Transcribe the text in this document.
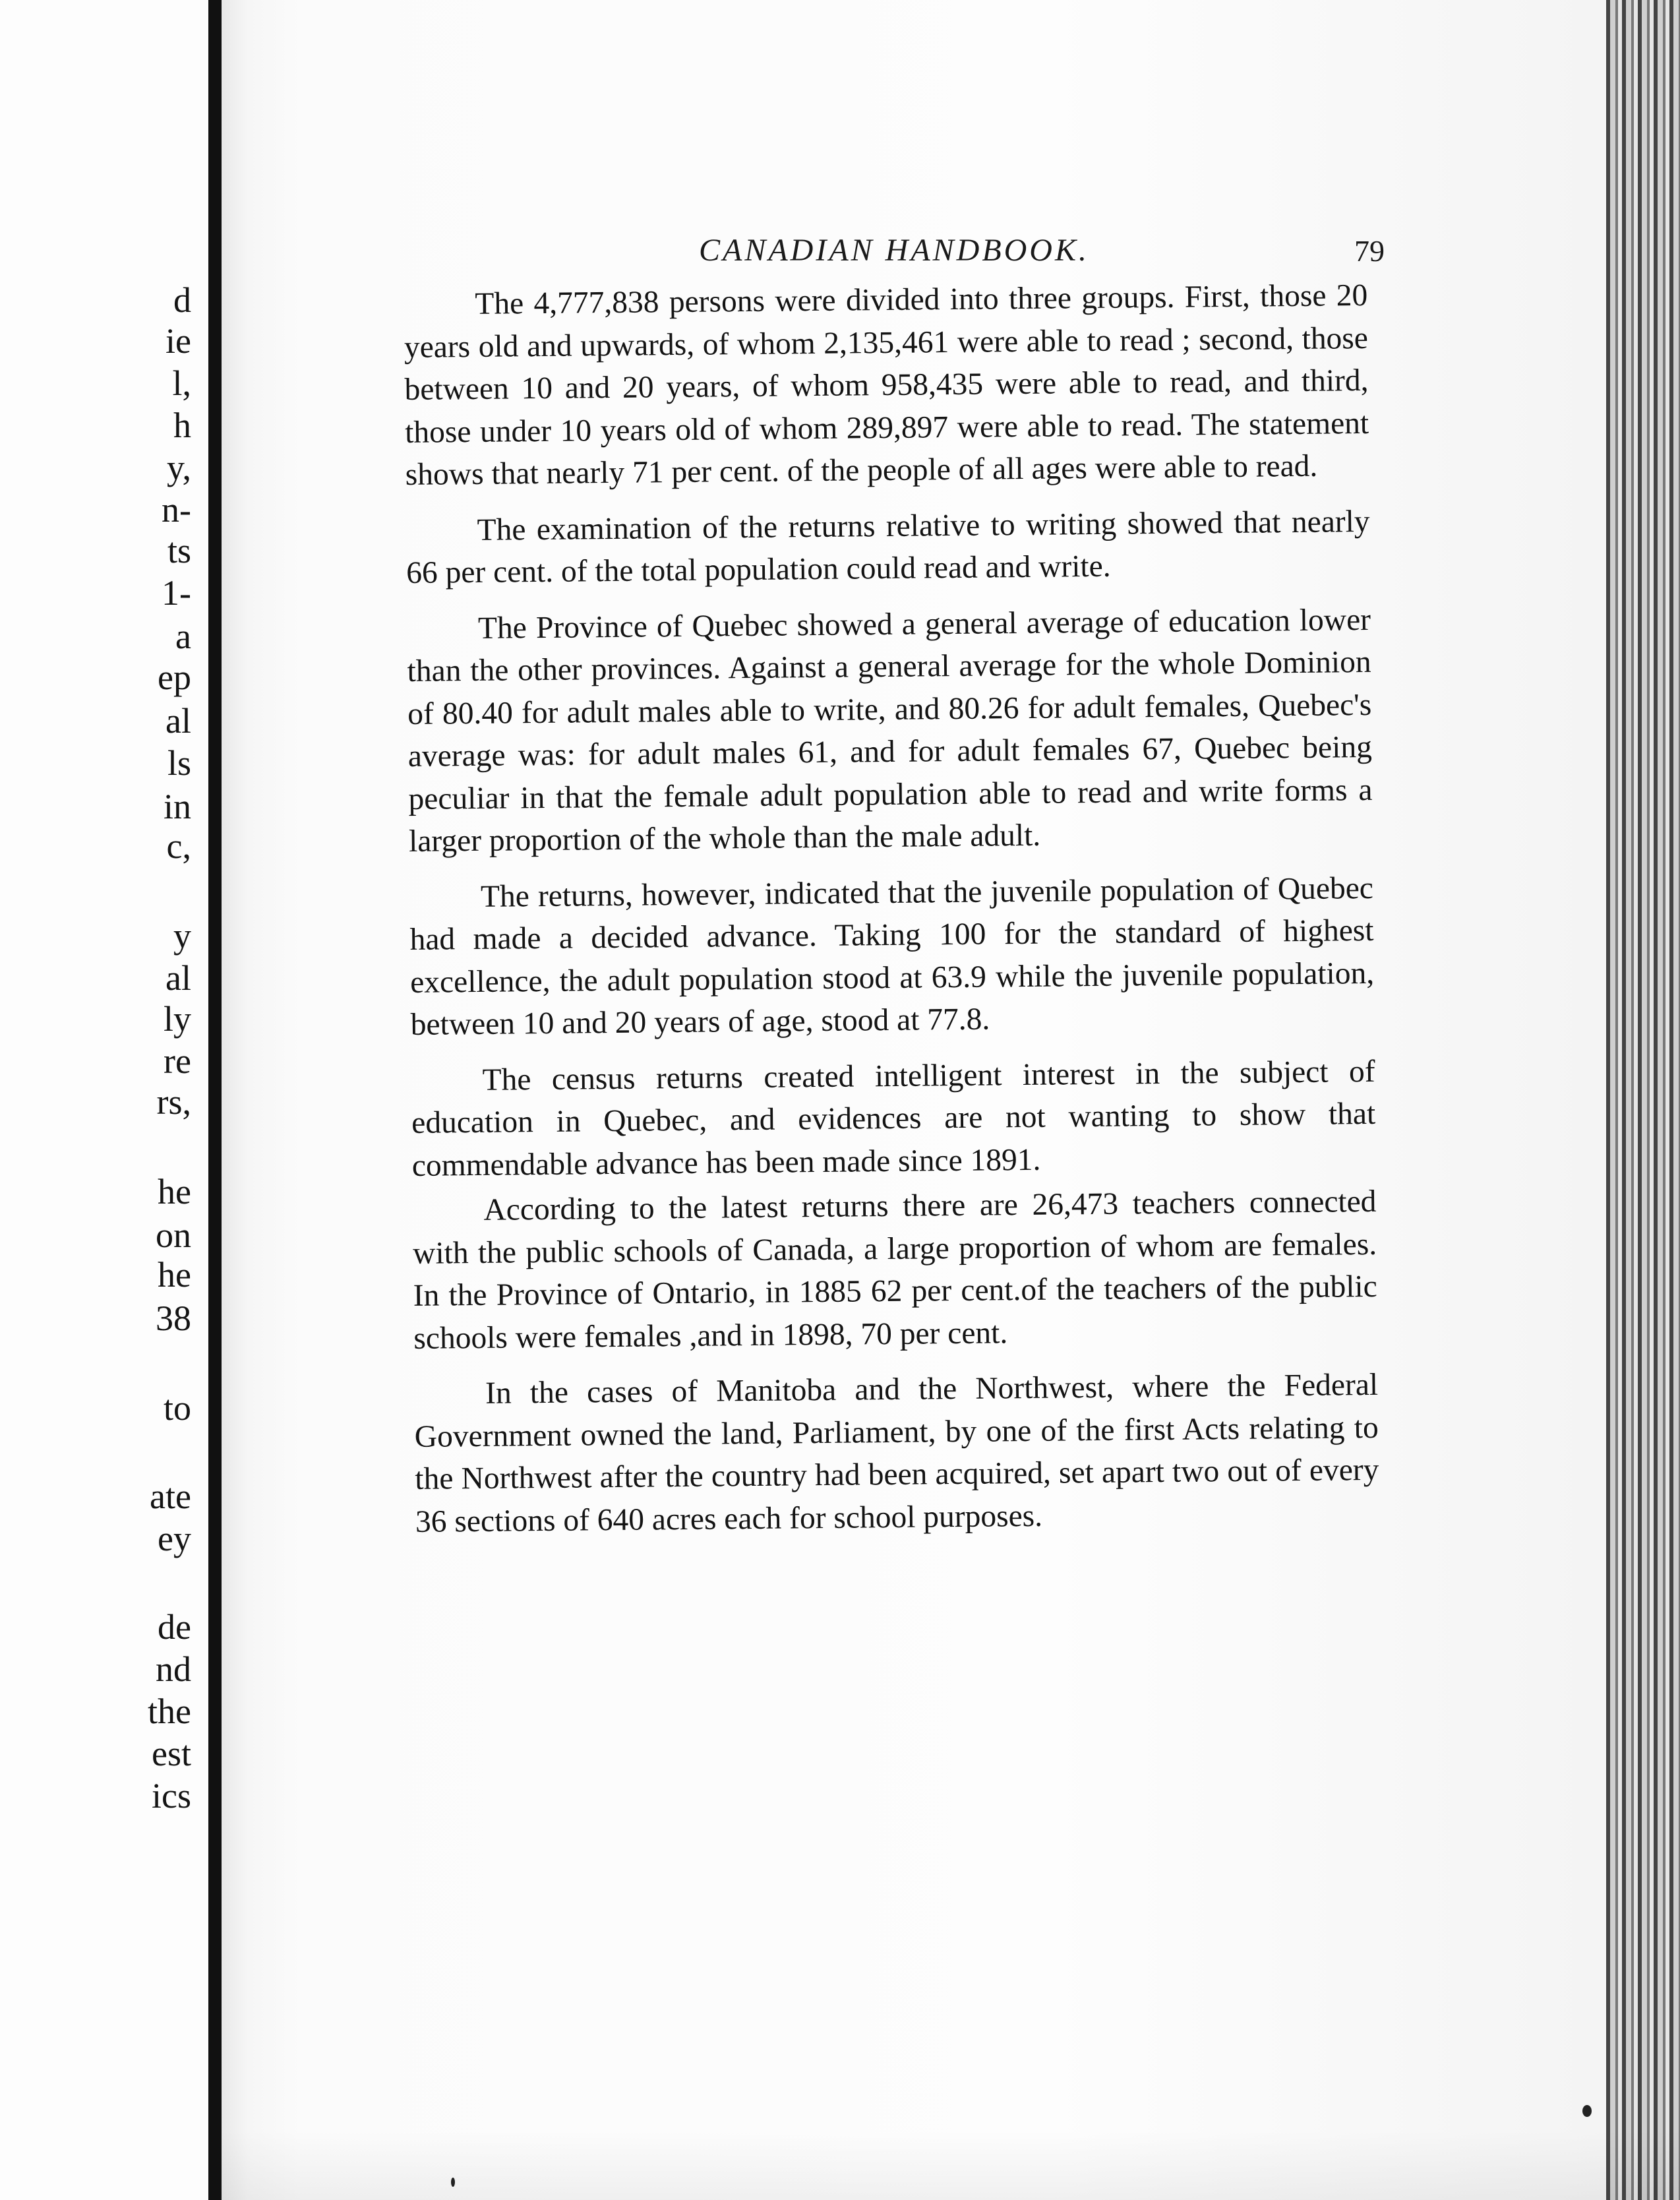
d
ie
l,
h
y,
n-
ts
1-
a
ep
al
ls
in
c,
y
al
ly
re
rs,
he
on
he
38
to
ate
ey
de
nd
the
est
ics
CANADIAN HANDBOOK.	79

The 4,777,838 persons were divided into three groups. First, those 20 years old and upwards, of whom 2,135,461 were able to read ; second, those between 10 and 20 years, of whom 958,435 were able to read, and third, those under 10 years old of whom 289,897 were able to read. The statement shows that nearly 71 per cent. of the people of all ages were able to read.

The examination of the returns relative to writing showed that nearly 66 per cent. of the total population could read and write.

The Province of Quebec showed a general average of education lower than the other provinces. Against a general average for the whole Dominion of 80.40 for adult males able to write, and 80.26 for adult females, Quebec's average was: for adult males 61, and for adult females 67, Quebec being peculiar in that the female adult population able to read and write forms a larger proportion of the whole than the male adult.

The returns, however, indicated that the juvenile population of Quebec had made a decided advance. Taking 100 for the standard of highest excellence, the adult population stood at 63.9 while the juvenile population, between 10 and 20 years of age, stood at 77.8.

The census returns created intelligent interest in the subject of education in Quebec, and evidences are not wanting to show that commendable advance has been made since 1891.

According to the latest returns there are 26,473 teachers connected with the public schools of Canada, a large proportion of whom are females. In the Province of Ontario, in 1885 62 per cent.of the teachers of the public schools were females ,and in 1898, 70 per cent.

In the cases of Manitoba and the Northwest, where the Federal Government owned the land, Parliament, by one of the first Acts relating to the Northwest after the country had been acquired, set apart two out of every 36 sections of 640 acres each for school purposes.
